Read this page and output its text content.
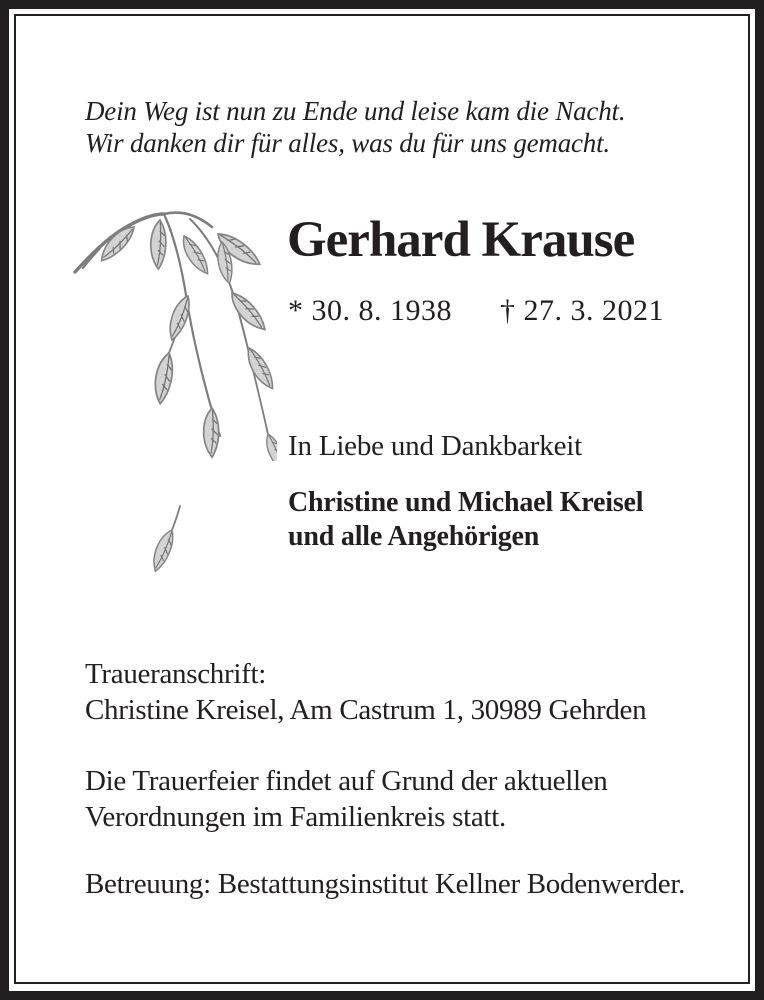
Dein Weg ist nun zu Ende und leise kam die Nacht.
Wir danken dir für alles, was du für uns gemacht.
Gerhard Krause
* 30. 8. 1938 † 27. 3. 2021
In Liebe und Dankbarkeit
Christine und Michael Kreisel
und alle Angehörigen
Traueranschrift:
Christine Kreisel, Am Castrum 1, 30989 Gehrden
Die Trauerfeier findet auf Grund der aktuellen
Verordnungen im Familienkreis statt.
Betreuung: Bestattungsinstitut Kellner Bodenwerder.
